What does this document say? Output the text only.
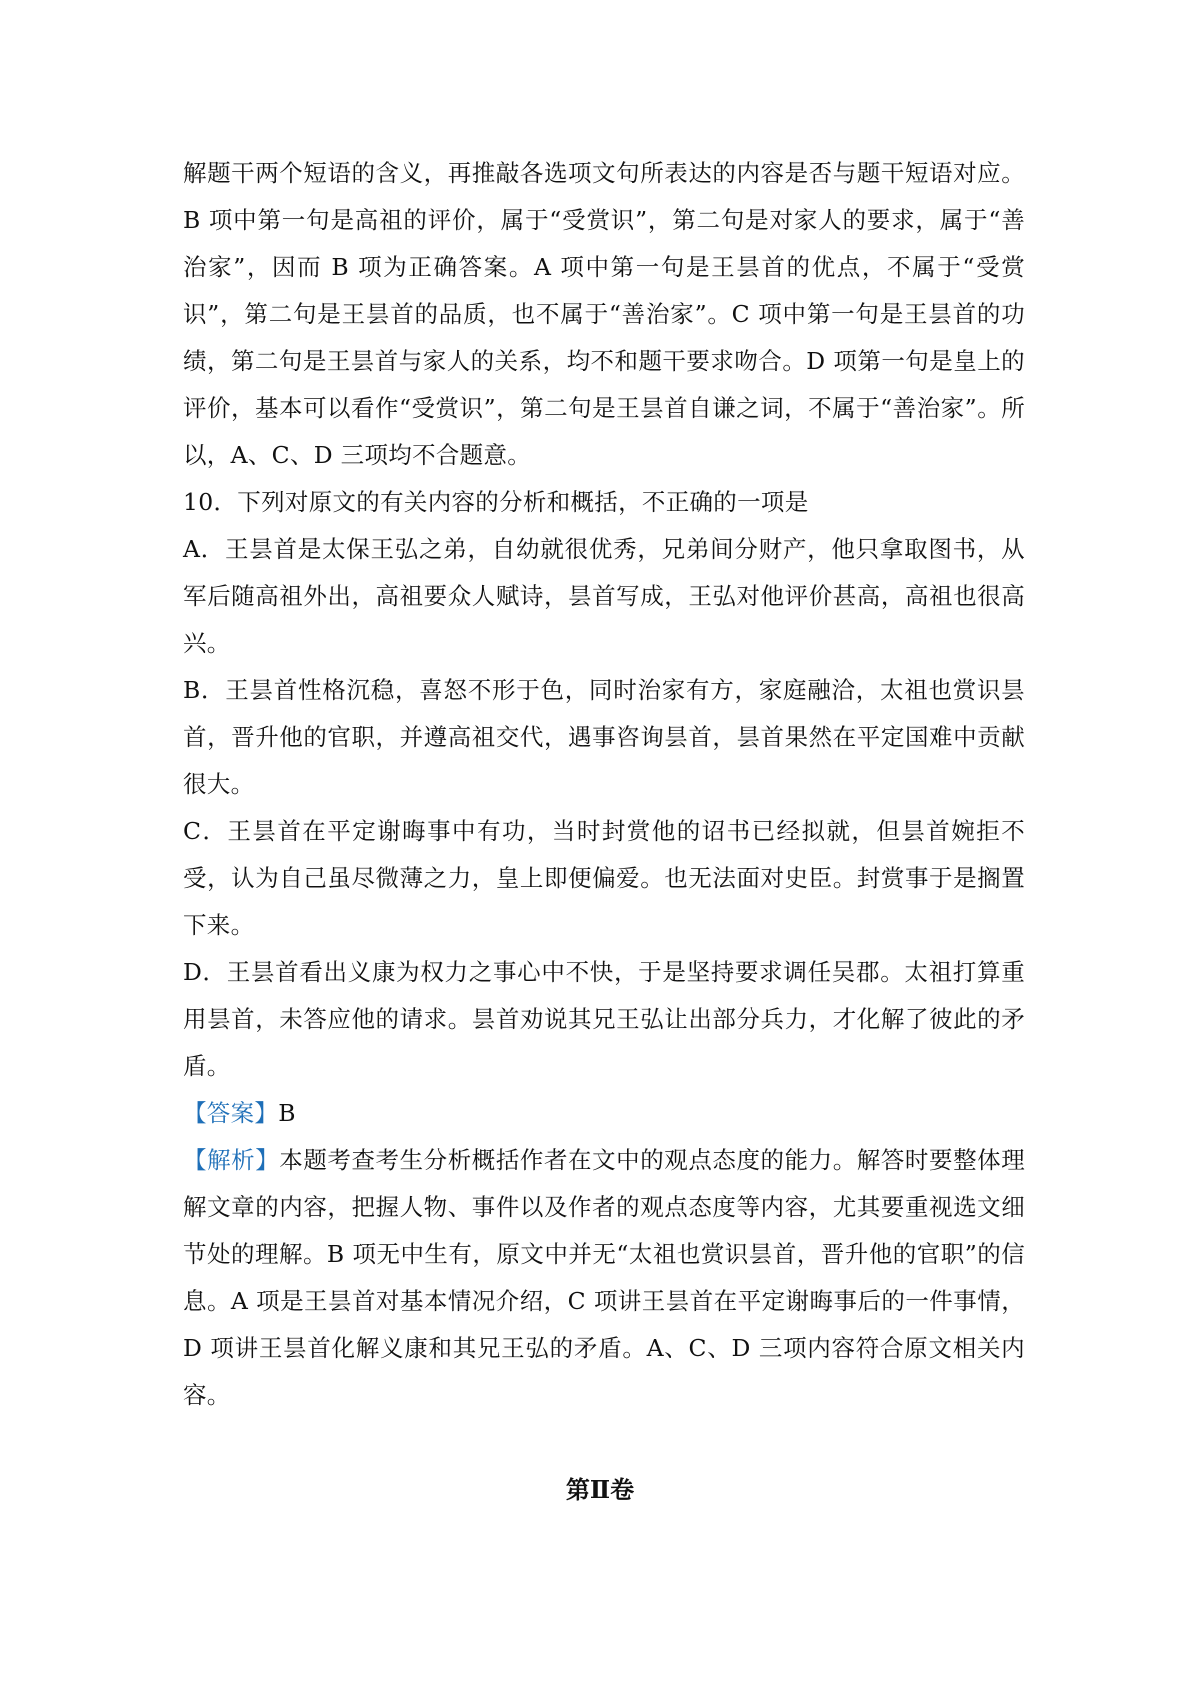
解题干两个短语的含义，再推敲各选项文句所表达的内容是否与题干短语对应。B 项中第一句是高祖的评价，属于“受赏识”，第二句是对家人的要求，属于“善治家”，因而 B 项为正确答案。A 项中第一句是王昙首的优点，不属于“受赏识”，第二句是王昙首的品质，也不属于“善治家”。C 项中第一句是王昙首的功绩，第二句是王昙首与家人的关系，均不和题干要求吻合。D 项第一句是皇上的评价，基本可以看作“受赏识”，第二句是王昙首自谦之词，不属于“善治家”。所以，A、C、D 三项均不合题意。

10．下列对原文的有关内容的分析和概括，不正确的一项是

A．王昙首是太保王弘之弟，自幼就很优秀，兄弟间分财产，他只拿取图书，从军后随高祖外出，高祖要众人赋诗，昙首写成，王弘对他评价甚高，高祖也很高兴。

B．王昙首性格沉稳，喜怒不形于色，同时治家有方，家庭融洽，太祖也赏识昙首，晋升他的官职，并遵高祖交代，遇事咨询昙首，昙首果然在平定国难中贡献很大。

C．王昙首在平定谢晦事中有功，当时封赏他的诏书已经拟就，但昙首婉拒不受，认为自己虽尽微薄之力，皇上即便偏爱。也无法面对史臣。封赏事于是搁置下来。

D．王昙首看出义康为权力之事心中不快，于是坚持要求调任吴郡。太祖打算重用昙首，未答应他的请求。昙首劝说其兄王弘让出部分兵力，才化解了彼此的矛盾。

【答案】B

【解析】本题考查考生分析概括作者在文中的观点态度的能力。解答时要整体理解文章的内容，把握人物、事件以及作者的观点态度等内容，尤其要重视选文细节处的理解。B 项无中生有，原文中并无“太祖也赏识昙首，晋升他的官职”的信息。A 项是王昙首对基本情况介绍，C 项讲王昙首在平定谢晦事后的一件事情，D 项讲王昙首化解义康和其兄王弘的矛盾。A、C、D 三项内容符合原文相关内容。

第Ⅱ卷
